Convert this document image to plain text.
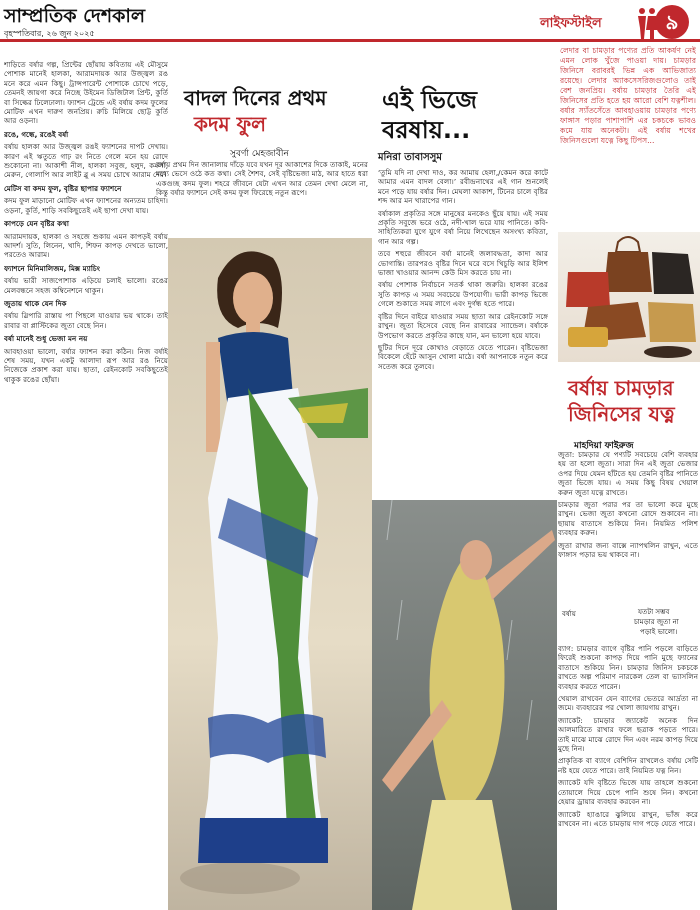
সাম্প্রতিক দেশকাল
বৃহস্পতিবার, ২৬ জুন ২০২৫
লাইফস্টাইল	৯

শাড়িতে বর্ষার গল্প, প্রিন্টের ছোঁয়ায় কবিতায় এই মৌসুমে পোশাক মানেই হালকা, আরামদায়ক আর উজ্জ্বল রঙ মনে করে এমন কিছু। ট্রান্সপারেন্ট পোশাকে চোখে পড়ে, তেমনই জায়গা করে নিচ্ছে উইমেন ডিজিটাল প্রিন্ট, কুর্তি বা সিল্কের ঢিলেঢালা। ফ্যাশন ট্রেন্ডে এই বর্ষায় কদম ফুলের মোটিফ এখন দারুণ জনপ্রিয়। রুচি মিলিয়ে ছোট্ট কুর্তি আর ওড়না।

রঙে, গন্ধে, রঙেই বর্ষা

বর্ষায় হালকা আর উজ্জ্বল রঙই ফ্যাশনের দাপট দেখায়। কারণ এই ঋতুতে গাঢ় রং নিতে গেলে মনে হয় রোদে শুকোনো না। আকাশী নীল, হালকা সবুজ, হলুদ, কমলা, মেরুন, গোলাপি আর লাইট ব্লু এ সময় চোখে আরাম দেয়।

মেটিস বা কদম ফুল, বৃষ্টির ছাপার ফ্যাশনে

কদম ফুল মাড়ানো মোটিফ এখন ফ্যাশনের অন্যতম চাহিদা। ওড়না, কুর্তি, শাড়ি সবকিছুতেই এই ছাপা দেখা যায়।

কাপড়ে যেন বৃষ্টির কথা

আরামদায়ক, হালকা ও সহজে শুকায় এমন কাপড়ই বর্ষায় আদর্শ। সুতি, লিনেন, খাদি, শিফন কাপড় দেখতে ভালো, পরতেও আরাম।

ফ্যাশনে মিনিমালিজম, মিক্স ম্যাচিং

বর্ষায় ভারী সাজপোশাক এড়িয়ে চলাই ভালো। রঙের মেলবন্ধনে সহজ কম্বিনেশনে থাকুন।

জুতায় থাকে যেন দিক

বর্ষায় স্লিপারি রাস্তায় পা পিছলে যাওয়ার ভয় থাকে। তাই রাবার বা প্লাস্টিকের জুতা বেছে নিন।

বর্ষা মানেই শুধু ভেজা মন নয়

আবহাওয়া ভালো, বর্ষার ফ্যাশন করা কঠিন। নিজ বর্ষাই শেষ সময়, যখন একটু আলাদা রূপ আর রঙ নিয়ে নিজেকে প্রকাশ করা যায়। ছাতা, রেইনকোট সবকিছুতেই থাকুক রঙের ছোঁয়া।

বাদল দিনের প্রথম
কদম ফুল
সুবর্ণা মেহজাবীন
বর্ষায় প্রথম দিন জানালায় দাঁড়ে যবে যখন দূর আকাশের দিকে তাকাই, মনের মধ্যে ভেসে ওঠে কত কথা। সেই শৈশব, সেই বৃষ্টিভেজা মাঠ, আর হাতে ধরা একগুচ্ছ কদম ফুল। শহরে জীবনে যেটা এখন আর তেমন দেখা মেলে না, কিন্তু বর্ষার ফ্যাশনে সেই কদম ফুল ফিরেছে নতুন রূপে।
এই ভিজে
বরষায়...
মনিরা তাবাসসুম

‘তুমি যদি না দেখা দাও, কর আমায় হেলা,/কেমন করে কাটে আমার এমন বাদল বেলা।’ রবীন্দ্রনাথের এই গান শুনলেই মনে পড়ে যায় বর্ষার দিন। মেঘলা আকাশ, টিনের চালে বৃষ্টির শব্দ আর মন খারাপের গান।

বর্ষাকাল প্রকৃতির সঙ্গে মানুষের মনকেও ছুঁয়ে যায়। এই সময় প্রকৃতি সবুজে ভরে ওঠে, নদী-খাল ভরে যায় পানিতে। কবি-সাহিত্যিকরা যুগে যুগে বর্ষা নিয়ে লিখেছেন অসংখ্য কবিতা, গান আর গল্প।

তবে শহুরে জীবনে বর্ষা মানেই জলাবদ্ধতা, কাদা আর ভোগান্তি। তারপরও বৃষ্টির দিনে ঘরে বসে খিচুড়ি আর ইলিশ ভাজা খাওয়ার আনন্দ কেউ মিস করতে চায় না।

বর্ষায় পোশাক নির্বাচনে সতর্ক থাকা জরুরি। হালকা রঙের সুতি কাপড় এ সময় সবচেয়ে উপযোগী। ভারী কাপড় ভিজে গেলে শুকাতে সময় লাগে এবং দুর্গন্ধ হতে পারে।

বৃষ্টির দিনে বাইরে যাওয়ার সময় ছাতা আর রেইনকোট সঙ্গে রাখুন। জুতা হিসেবে বেছে নিন রাবারের স্যান্ডেল। বর্ষাকে উপভোগ করতে প্রকৃতির কাছে যান, মন ভালো হয়ে যাবে।

ছুটির দিনে দূরে কোথাও বেড়াতে যেতে পারেন। বৃষ্টিভেজা বিকেলে হেঁটে আসুন খোলা মাঠে। বর্ষা আপনাকে নতুন করে সতেজ করে তুলবে।

লেদার বা চামড়ার পণ্যের প্রতি আকর্ষণ নেই এমন লোক খুঁজে পাওয়া দায়। চামড়ার জিনিসে বরাবরই ভিন্ন এক আভিজাত্য রয়েছে। লেদার অ্যাকসেসরিজগুলোও তাই বেশ জনপ্রিয়। বর্ষায় চামড়ার তৈরি এই জিনিসের প্রতি হতে হয় আরো বেশি যত্নশীল। বর্ষার স্যাঁতসেঁতে আবহাওয়ায় চামড়ার পণ্যে ফাঙ্গাস পড়ার পাশাপাশি এর চকচকে ভাবও কমে যায় অনেকটা। এই বর্ষায় শখের জিনিসগুলো যত্নে কিছু টিপস...
বর্ষায় চামড়ার
জিনিসের যত্ন
মাহদিয়া ফাইরুজ

জুতা: চামড়ার যে পণ্যটি সবচেয়ে বেশি ব্যবহার হয় তা হলো জুতা। সারা দিন এই জুতা ভেজার ওপর দিয়ে যেমন হাঁটতে হয় তেমনি বৃষ্টির পানিতে জুতা ভিজে যায়। এ সময় কিছু বিষয় খেয়াল করুন জুতা যত্নে রাখতে।

চামড়ার জুতা পরার পর তা ভালো করে মুছে রাখুন। ভেজা জুতা কখনো রোদে শুকাবেন না। ছায়ায় বাতাসে শুকিয়ে নিন। নিয়মিত পলিশ ব্যবহার করুন।

জুতা রাখার জন্য বাক্সে ন্যাপথলিন রাখুন, এতে ফাঙ্গাস পড়ার ভয় থাকবে না।

যতটা সম্ভব
চামড়ার জুতা না
পড়াই ভালো।
বর্ষায়

ব্যাগ: চামড়ার ব্যাগে বৃষ্টির পানি পড়লে বাড়িতে ফিরেই শুকনো কাপড় দিয়ে পানি মুছে ফ্যানের বাতাসে শুকিয়ে নিন। চামড়ার জিনিস চকচকে রাখতে অল্প পরিমাণ নারকেল তেল বা ভ্যাসলিন ব্যবহার করতে পারেন।

খেয়াল রাখবেন যেন ব্যাগের ভেতরে আর্দ্রতা না জমে। ব্যবহারের পর খোলা জায়গায় রাখুন।

জ্যাকেট: চামড়ার জ্যাকেট অনেক দিন আলমারিতে রাখার ফলে ছত্রাক পড়তে পারে। তাই মাঝে মাঝে রোদে দিন এবং নরম কাপড় দিয়ে মুছে নিন।

প্রাকৃতিক বা ব্যাগে বেশিদিন রাখলেও বর্ষায় সেটি নষ্ট হয়ে যেতে পারে। তাই নিয়মিত যত্ন নিন।

জ্যাকেট যদি বৃষ্টিতে ভিজে যায় তাহলে শুকনো তোয়ালে দিয়ে চেপে পানি শুষে নিন। কখনো হেয়ার ড্রায়ার ব্যবহার করবেন না।

জ্যাকেট হ্যাঙারে ঝুলিয়ে রাখুন, ভাঁজ করে রাখবেন না। এতে চামড়ায় দাগ পড়ে যেতে পারে।
